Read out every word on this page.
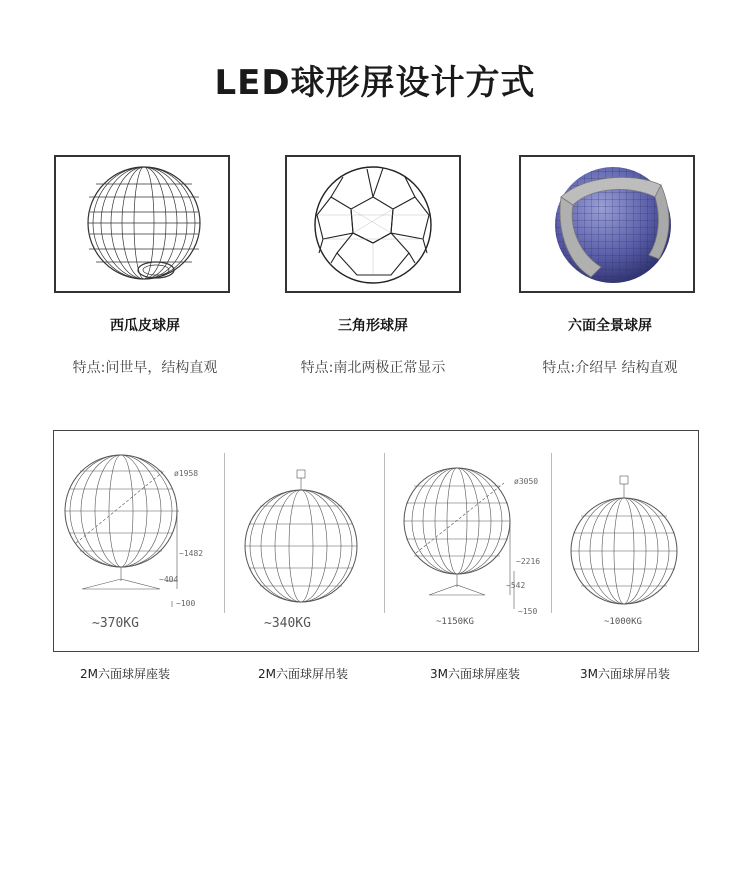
LED球形屏设计方式
西瓜皮球屏	三角形球屏	六面全景球屏
特点:问世早，结构直观	特点:南北两极正常显示	特点:介绍早 结构直观
ø1958
~1482
~404
~100
ø3050
~2216
~542
~150
~370KG	~340KG	~1150KG	~1000KG
2M六面球屏座装	2M六面球屏吊装	3M六面球屏座装	3M六面球屏吊装
